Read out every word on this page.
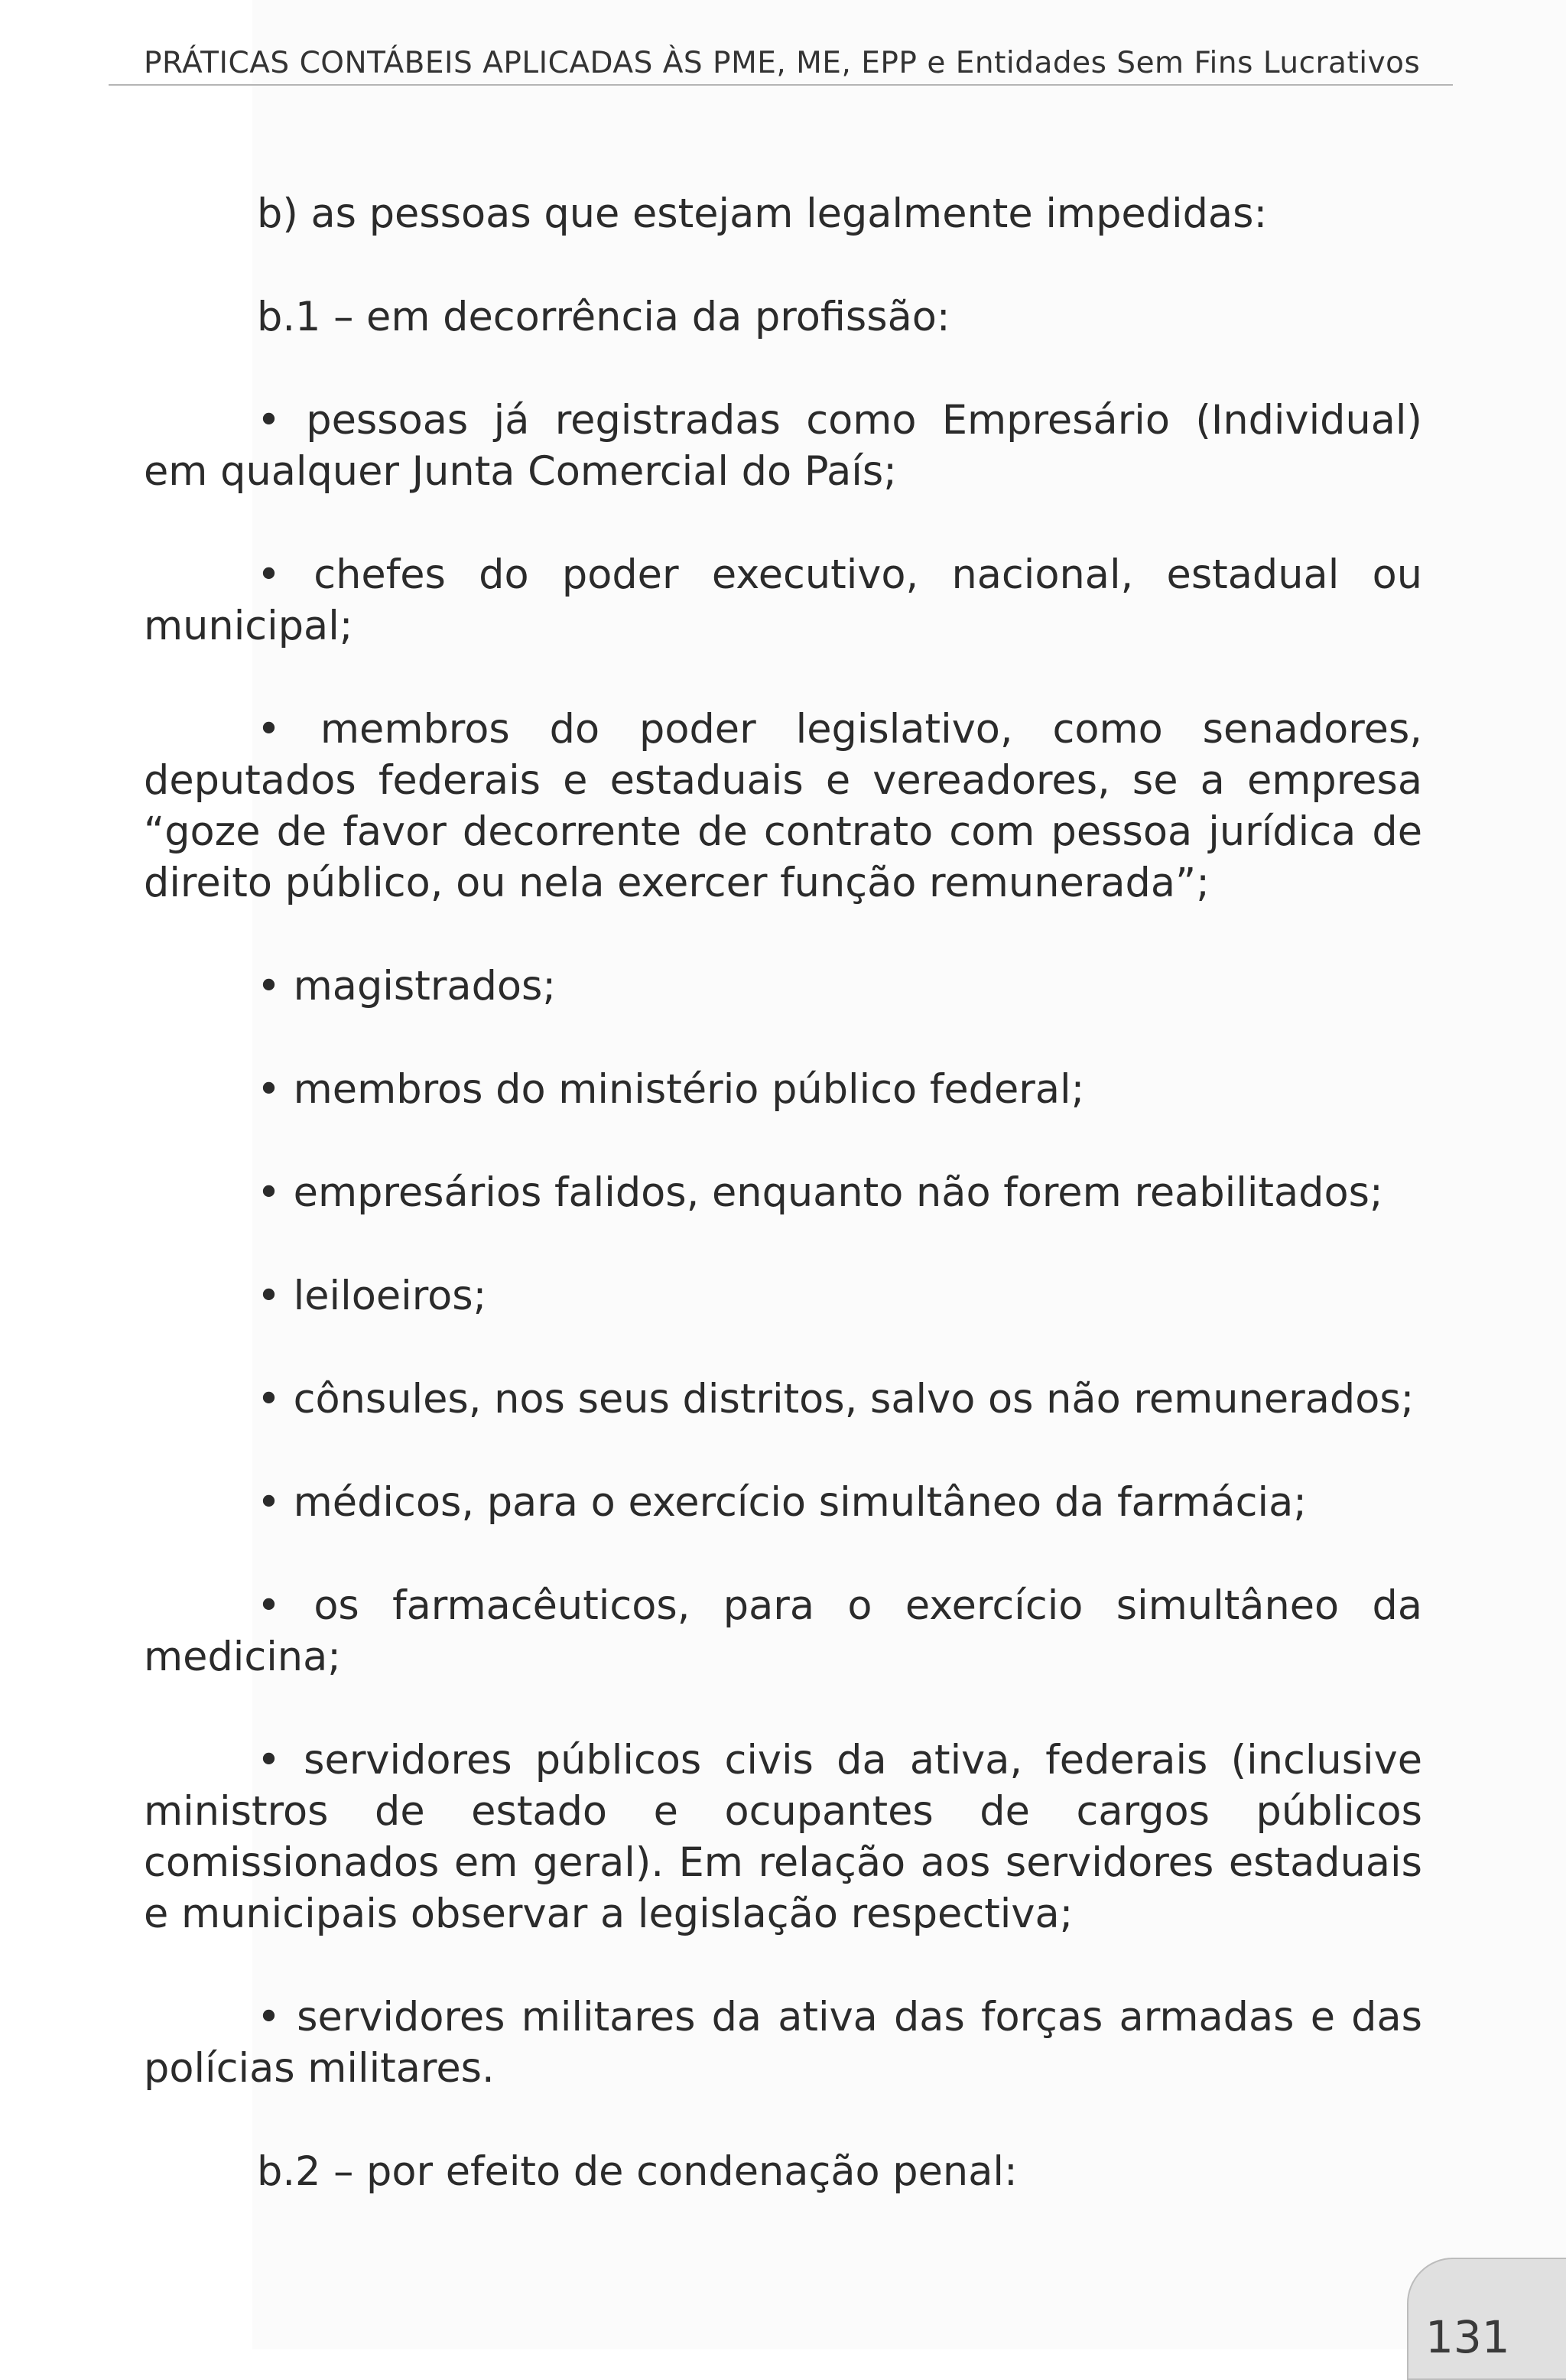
PRÁTICAS CONTÁBEIS APLICADAS ÀS PME, ME, EPP e Entidades Sem Fins Lucrativos

b) as pessoas que estejam legalmente impedidas:

b.1 – em decorrência da profissão:

• pessoas já registradas como Empresário (Individual) em qualquer Junta Comercial do País;

• chefes do poder executivo, nacional, estadual ou municipal;

• membros do poder legislativo, como senadores, deputados federais e estaduais e vereadores, se a empresa “goze de favor decorrente de contrato com pessoa jurídica de direito público, ou nela exercer função remunerada”;

• magistrados;

• membros do ministério público federal;

• empresários falidos, enquanto não forem reabilitados;

• leiloeiros;

• cônsules, nos seus distritos, salvo os não remunerados;

• médicos, para o exercício simultâneo da farmácia;

• os farmacêuticos, para o exercício simultâneo da medicina;

• servidores públicos civis da ativa, federais (inclusive ministros de estado e ocupantes de cargos públicos comissionados em geral). Em relação aos servidores estaduais e municipais observar a legislação respectiva;

• servidores militares da ativa das forças armadas e das polícias militares.

b.2 – por efeito de condenação penal:

131
